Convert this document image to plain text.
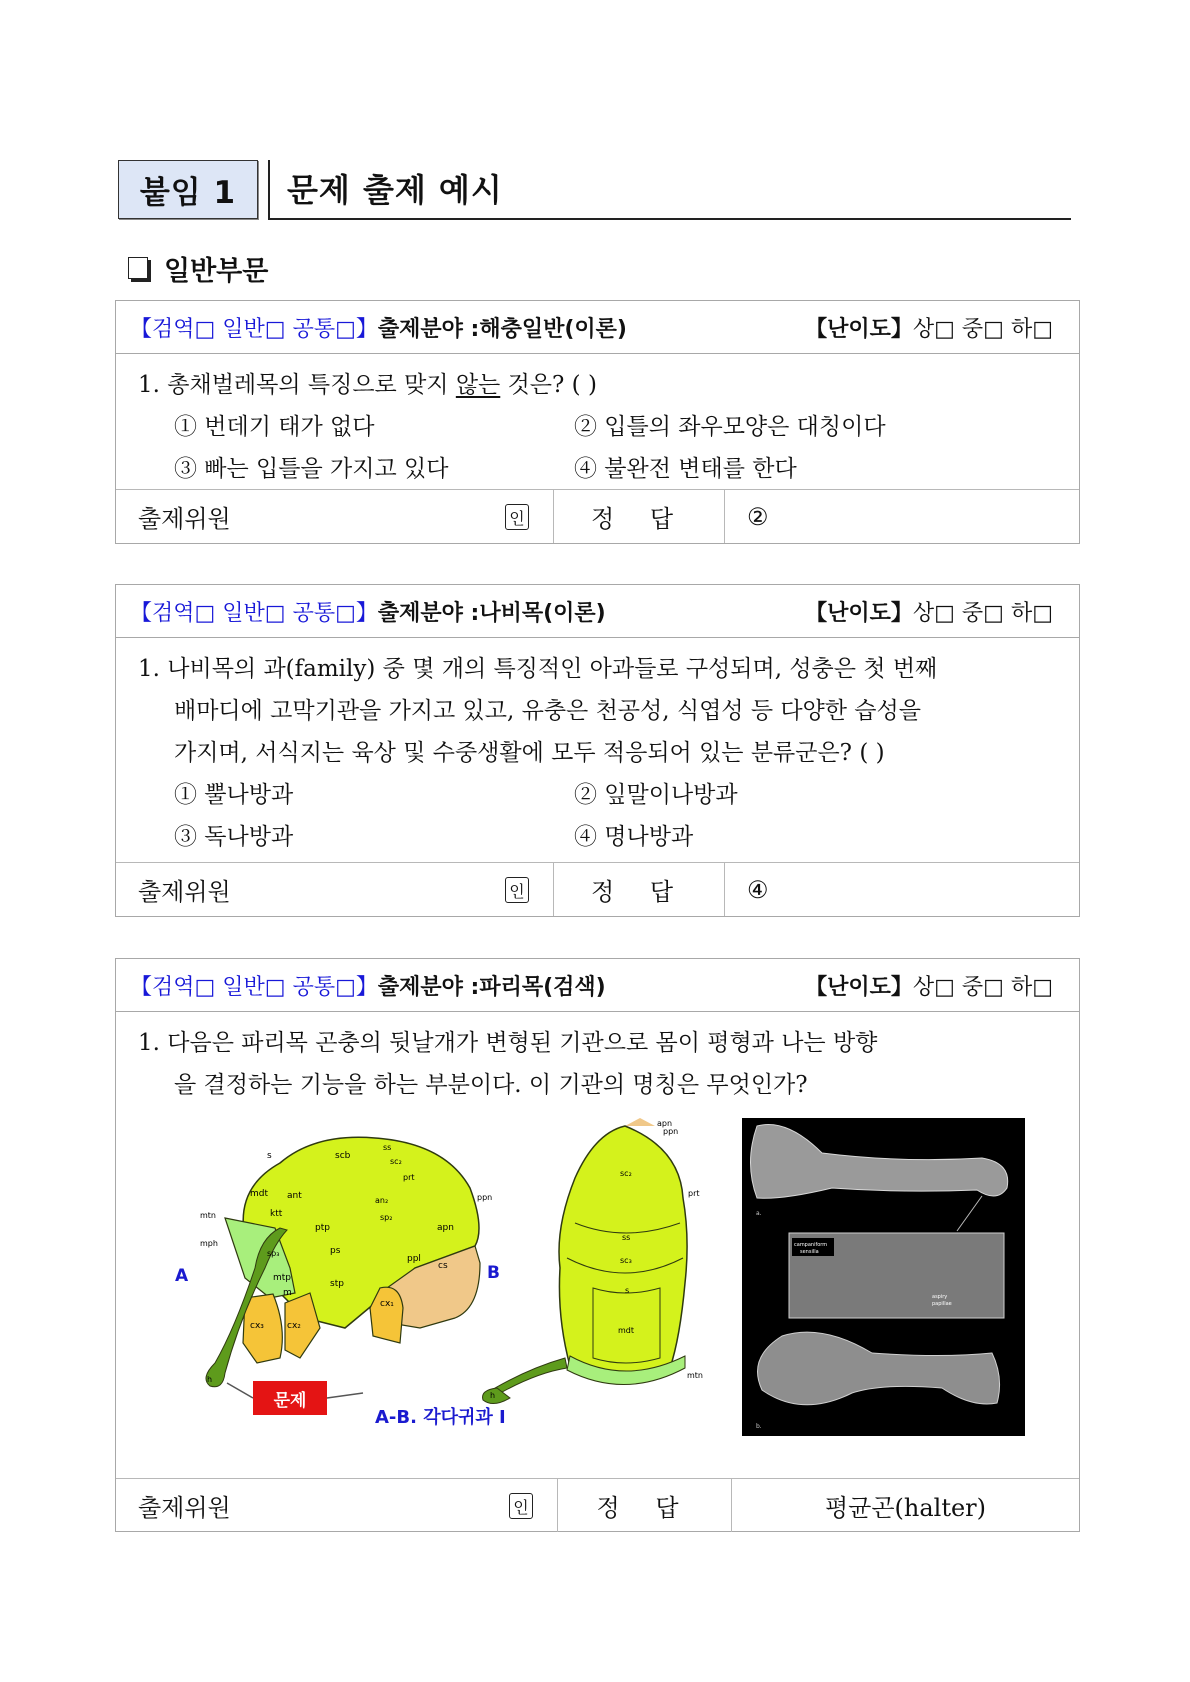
붙임 1 문제 출제 예시
일반부문
【검역□ 일반□ 공통□】 출제분야 : 해충일반(이론)	【난이도】상□ 중□ 하□
1. 총채벌레목의 특징으로 맞지 않는 것은? ( )
① 번데기 태가 없다	② 입틀의 좌우모양은 대칭이다
③ 빠는 입틀을 가지고 있다	④ 불완전 변태를 한다
출제위원	인	정 답	②
【검역□ 일반□ 공통□】 출제분야 : 나비목(이론)	【난이도】상□ 중□ 하□
1. 나비목의 과(family) 중 몇 개의 특징적인 아과들로 구성되며, 성충은 첫 번째
배마디에 고막기관을 가지고 있고, 유충은 천공성, 식엽성 등 다양한 습성을
가지며, 서식지는 육상 및 수중생활에 모두 적응되어 있는 분류군은? ( )
① 뿔나방과	② 잎말이나방과
③ 독나방과	④ 명나방과
출제위원	인	정 답	④
【검역□ 일반□ 공통□】 출제분야 : 파리목(검색)	【난이도】상□ 중□ 하□
1. 다음은 파리목 곤충의 뒷날개가 변형된 기관으로 몸이 평형과 나는 방향
을 결정하는 기능을 하는 부분이다. 이 기관의 명칭은 무엇인가?
출제위원	인	정 답	평균곤(halter)
s	scb
ss
sc₂
prt
mdt ant	an₂	ppn
mtn	ktt	sp₂
ptp	apn
mph
sp₃	ps
ppl
cs
mtp
stp
m
cx₁
cx₃	cx₂
h
A
문제
apn
ppn
sc₂
prt
ss
sc₃
s
mdt
mtn
h
B
A-B. 각다귀과 I
campaniform
sensilla
aspiry
papillae
a.
b.
